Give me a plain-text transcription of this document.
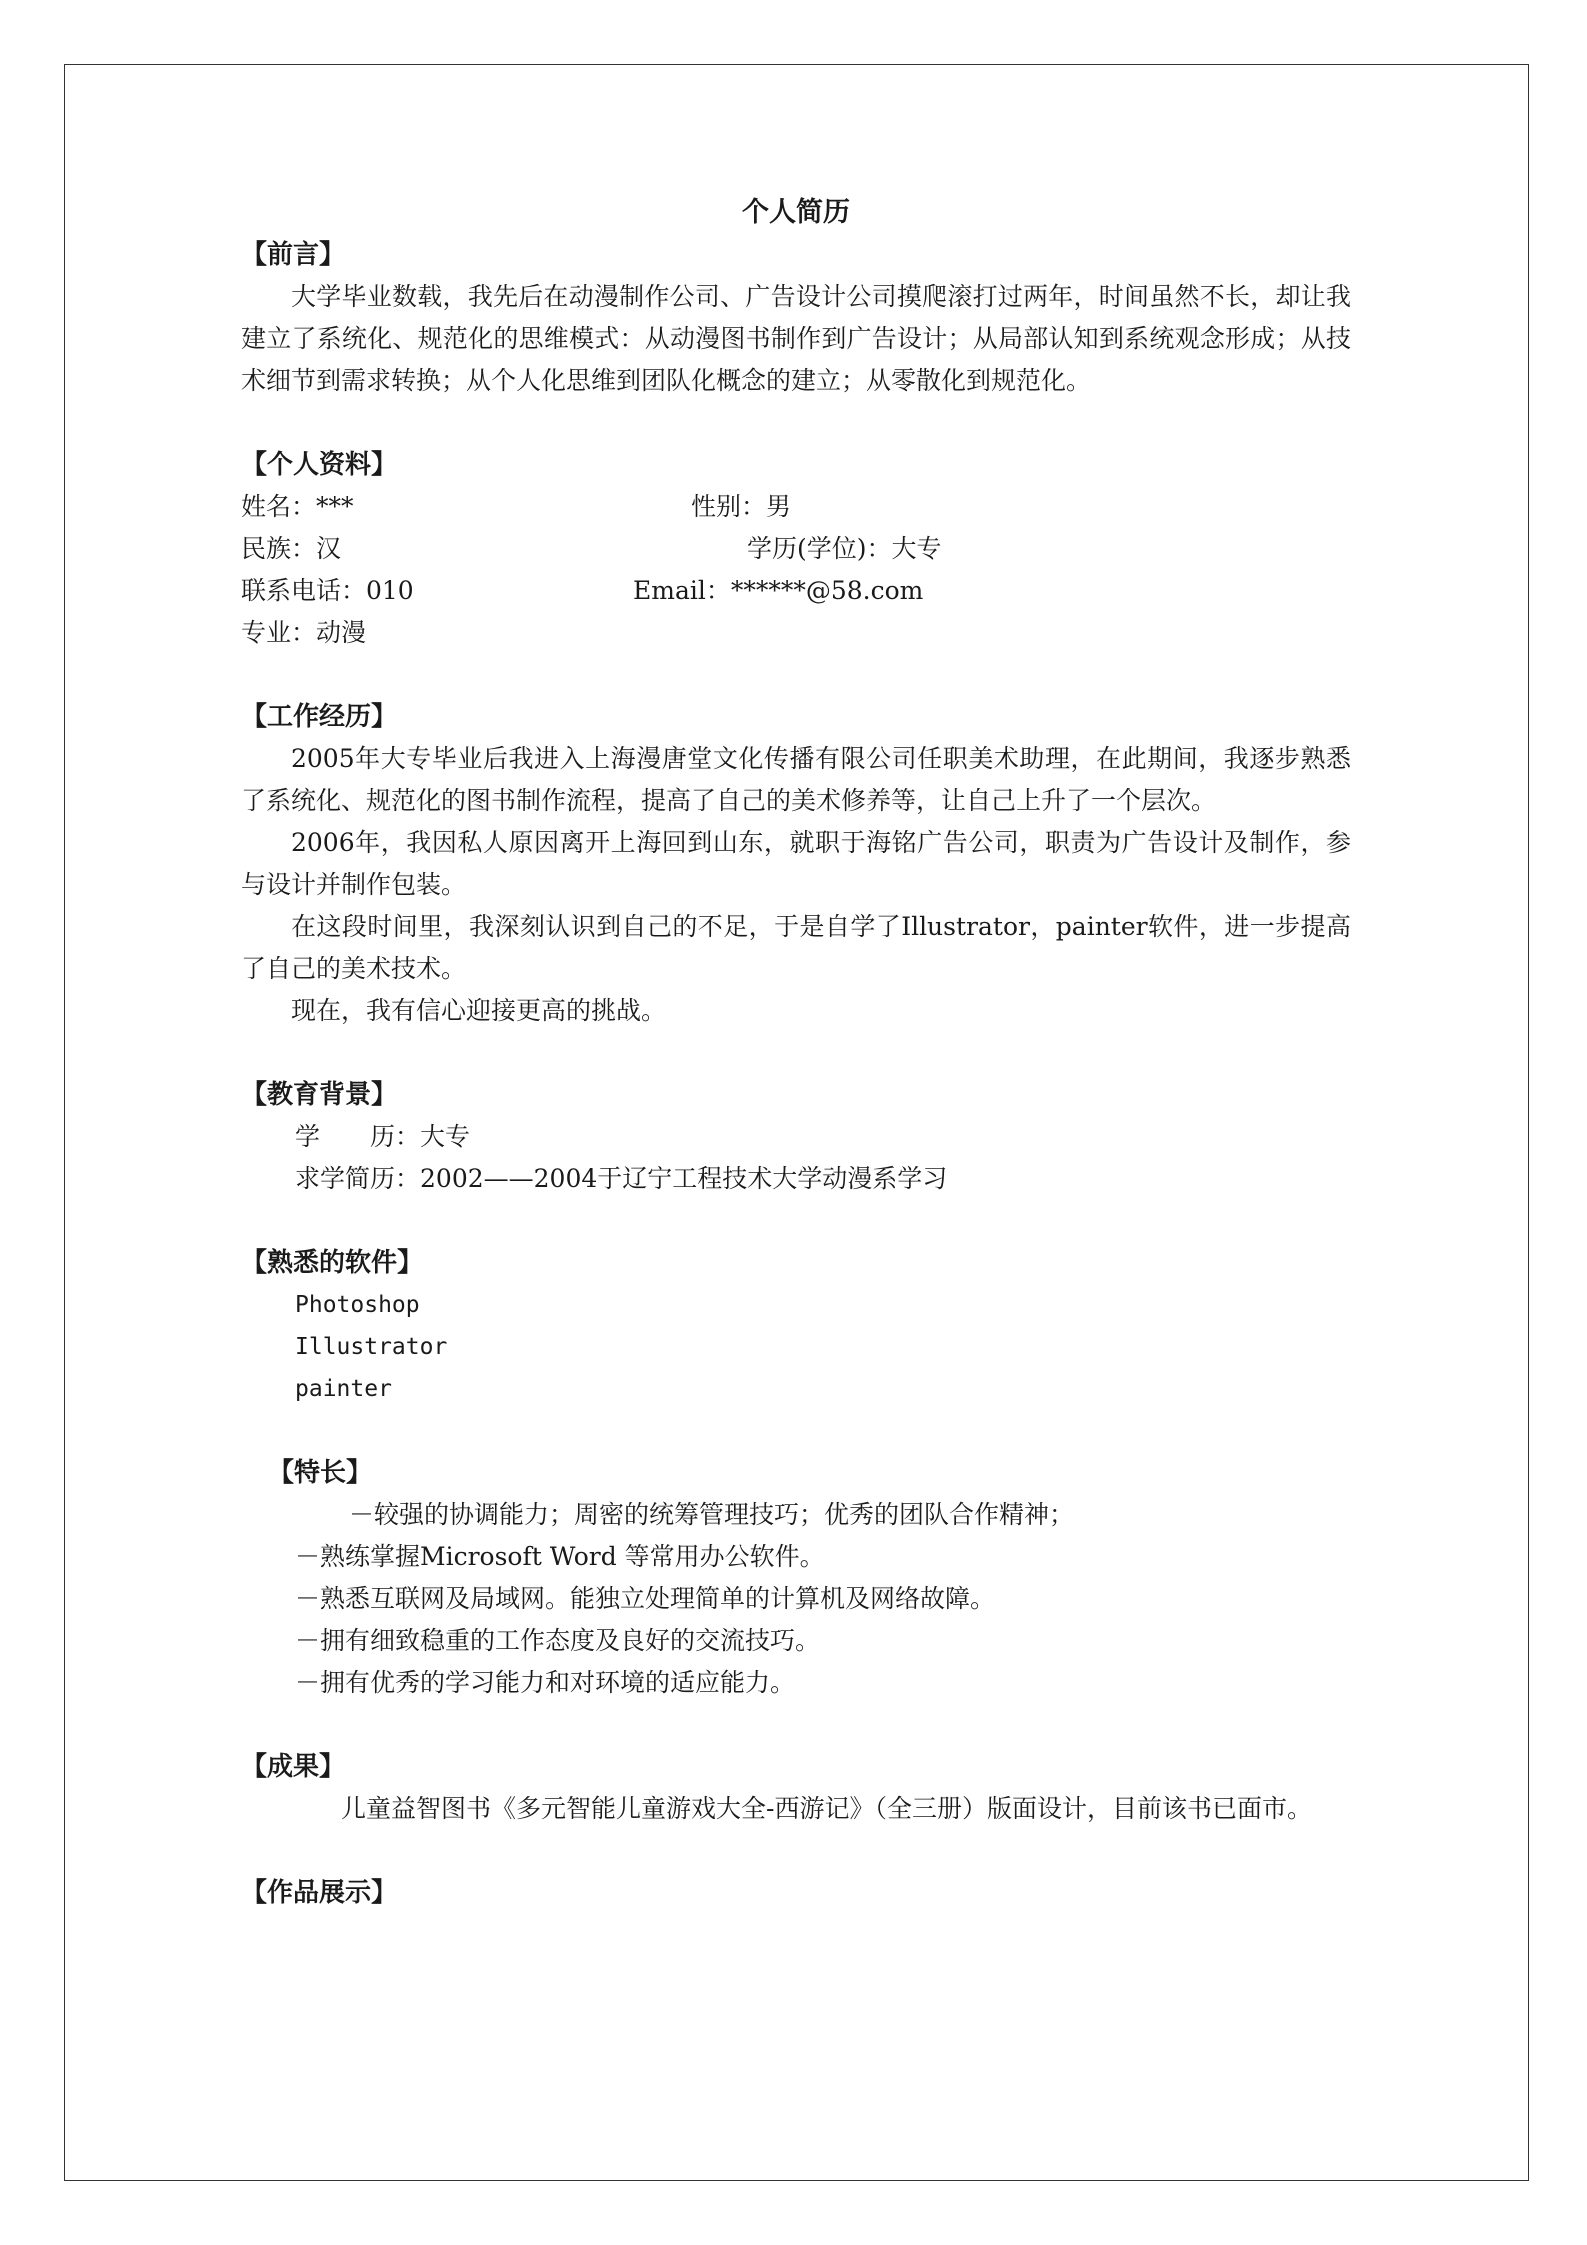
个人简历
【前言】
大学毕业数载，我先后在动漫制作公司、广告设计公司摸爬滚打过两年，时间虽然不长，却让我建立了系统化、规范化的思维模式：从动漫图书制作到广告设计；从局部认知到系统观念形成；从技术细节到需求转换；从个人化思维到团队化概念的建立；从零散化到规范化。
【个人资料】
姓名：***	性别：男
民族：汉	学历(学位)：大专
联系电话：010	Email：******@58.com
专业：动漫
【工作经历】
2005年大专毕业后我进入上海漫唐堂文化传播有限公司任职美术助理，在此期间，我逐步熟悉了系统化、规范化的图书制作流程，提高了自己的美术修养等，让自己上升了一个层次。
2006年，我因私人原因离开上海回到山东，就职于海铭广告公司，职责为广告设计及制作，参与设计并制作包装。
在这段时间里，我深刻认识到自己的不足，于是自学了Illustrator，painter软件，进一步提高了自己的美术技术。
现在，我有信心迎接更高的挑战。
【教育背景】
学　　历：大专
求学简历：2002——2004于辽宁工程技术大学动漫系学习
【熟悉的软件】
Photoshop
Illustrator
painter
【特长】
－较强的协调能力；周密的统筹管理技巧；优秀的团队合作精神；
－熟练掌握Microsoft Word 等常用办公软件。
－熟悉互联网及局域网。能独立处理简单的计算机及网络故障。
－拥有细致稳重的工作态度及良好的交流技巧。
－拥有优秀的学习能力和对环境的适应能力。
【成果】
儿童益智图书《多元智能儿童游戏大全-西游记》（全三册）版面设计，目前该书已面市。
【作品展示】
